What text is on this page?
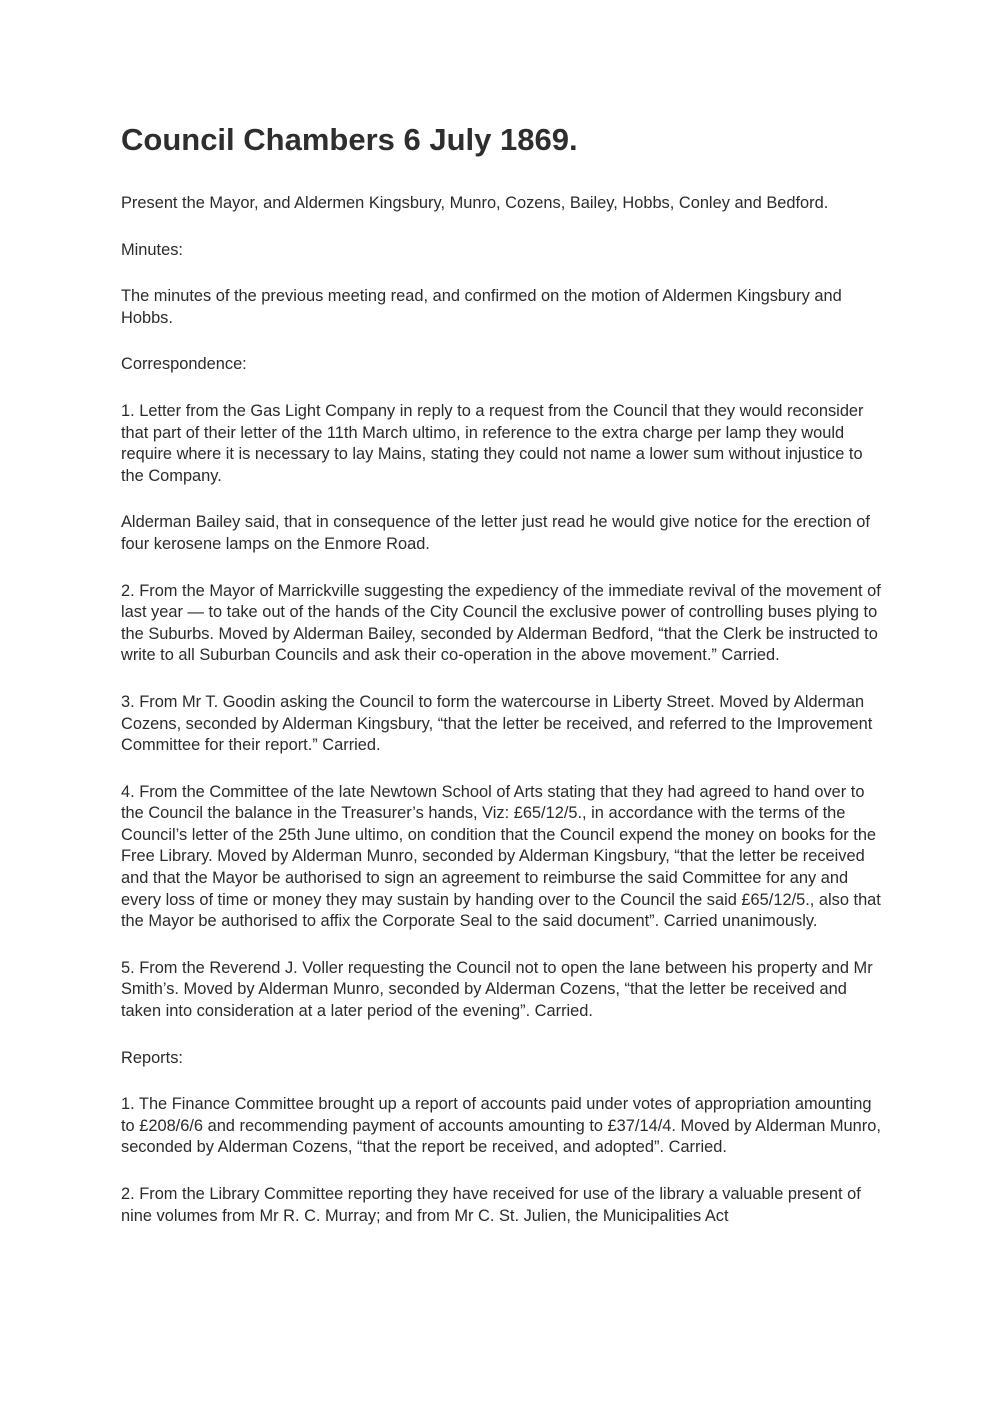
Council Chambers 6 July 1869.

Present the Mayor, and Aldermen Kingsbury, Munro, Cozens, Bailey, Hobbs, Conley and Bedford.

Minutes:

The minutes of the previous meeting read, and confirmed on the motion of Aldermen Kingsbury and Hobbs.

Correspondence:

1. Letter from the Gas Light Company in reply to a request from the Council that they would reconsider that part of their letter of the 11th March ultimo, in reference to the extra charge per lamp they would require where it is necessary to lay Mains, stating they could not name a lower sum without injustice to the Company.

Alderman Bailey said, that in consequence of the letter just read he would give notice for the erection of four kerosene lamps on the Enmore Road.

2. From the Mayor of Marrickville suggesting the expediency of the immediate revival of the movement of last year — to take out of the hands of the City Council the exclusive power of controlling buses plying to the Suburbs. Moved by Alderman Bailey, seconded by Alderman Bedford, “that the Clerk be instructed to write to all Suburban Councils and ask their co-operation in the above movement.” Carried.

3. From Mr T. Goodin asking the Council to form the watercourse in Liberty Street. Moved by Alderman Cozens, seconded by Alderman Kingsbury, “that the letter be received, and referred to the Improvement Committee for their report.” Carried.

4. From the Committee of the late Newtown School of Arts stating that they had agreed to hand over to the Council the balance in the Treasurer’s hands, Viz: £65/12/5., in accordance with the terms of the Council’s letter of the 25th June ultimo, on condition that the Council expend the money on books for the Free Library. Moved by Alderman Munro, seconded by Alderman Kingsbury, “that the letter be received and that the Mayor be authorised to sign an agreement to reimburse the said Committee for any and every loss of time or money they may sustain by handing over to the Council the said £65/12/5., also that the Mayor be authorised to affix the Corporate Seal to the said document”. Carried unanimously.

5. From the Reverend J. Voller requesting the Council not to open the lane between his property and Mr Smith’s. Moved by Alderman Munro, seconded by Alderman Cozens, “that the letter be received and taken into consideration at a later period of the evening”. Carried.

Reports:

1. The Finance Committee brought up a report of accounts paid under votes of appropriation amounting to £208/6/6 and recommending payment of accounts amounting to £37/14/4. Moved by Alderman Munro, seconded by Alderman Cozens, “that the report be received, and adopted”. Carried.

2. From the Library Committee reporting they have received for use of the library a valuable present of nine volumes from Mr R. C. Murray; and from Mr C. St. Julien, the Municipalities Act
